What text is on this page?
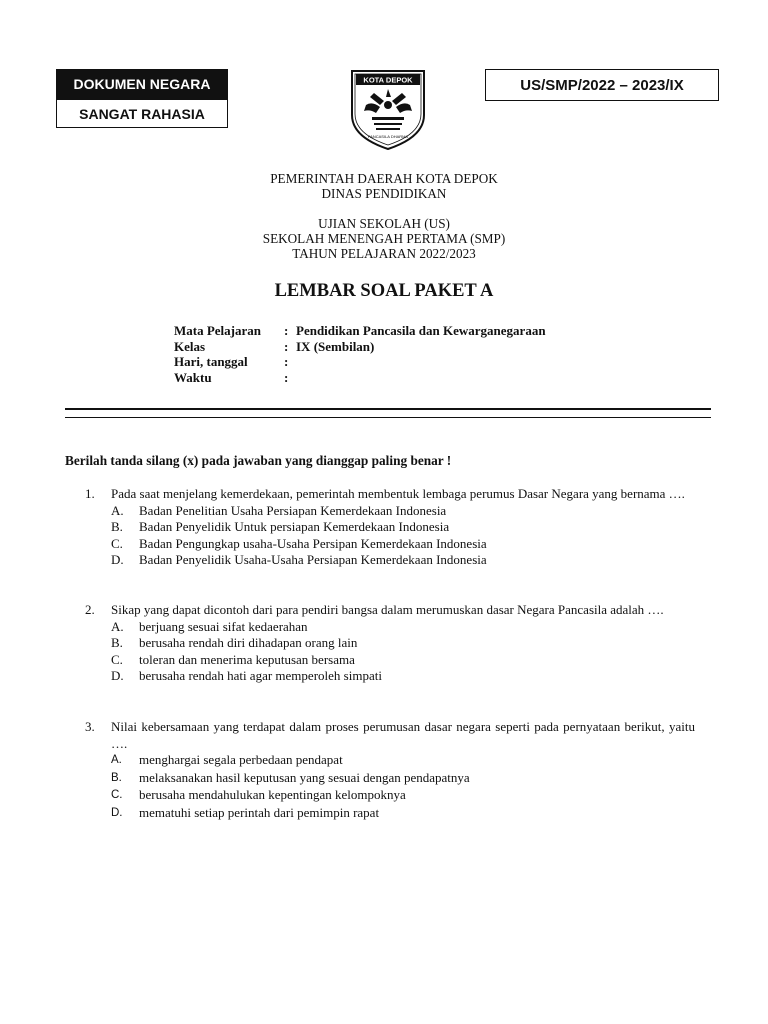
DOKUMEN NEGARA
SANGAT RAHASIA
US/SMP/2022 – 2023/IX
KOTA DEPOK
PANCASILA DHARMA
PEMERINTAH DAERAH KOTA DEPOK
DINAS PENDIDIKAN
UJIAN SEKOLAH (US)
SEKOLAH MENENGAH PERTAMA (SMP)
TAHUN PELAJARAN 2022/2023
LEMBAR SOAL PAKET A
Mata Pelajaran	: Pendidikan Pancasila dan Kewarganegaraan
Kelas	: IX (Sembilan)
Hari, tanggal	:
Waktu	:
Berilah tanda silang (x) pada jawaban yang dianggap paling benar !
1.	Pada saat menjelang kemerdekaan, pemerintah membentuk lembaga perumus Dasar Negara yang bernama ….
A.	Badan Penelitian Usaha Persiapan Kemerdekaan Indonesia
B.	Badan Penyelidik Untuk persiapan Kemerdekaan Indonesia
C.	Badan Pengungkap usaha-Usaha Persipan Kemerdekaan Indonesia
D.	Badan Penyelidik Usaha-Usaha Persiapan Kemerdekaan Indonesia
2.	Sikap yang dapat dicontoh dari para pendiri bangsa dalam merumuskan dasar Negara Pancasila adalah ….
A.	berjuang sesuai sifat kedaerahan
B.	berusaha rendah diri dihadapan orang lain
C.	toleran dan menerima keputusan bersama
D.	berusaha rendah hati agar memperoleh simpati
3.	Nilai kebersamaan yang terdapat dalam proses perumusan dasar negara seperti pada pernyataan berikut, yaitu ….
A.	menghargai segala perbedaan pendapat
B.	melaksanakan hasil keputusan yang sesuai dengan pendapatnya
C.	berusaha mendahulukan kepentingan kelompoknya
D.	mematuhi setiap perintah dari pemimpin rapat
